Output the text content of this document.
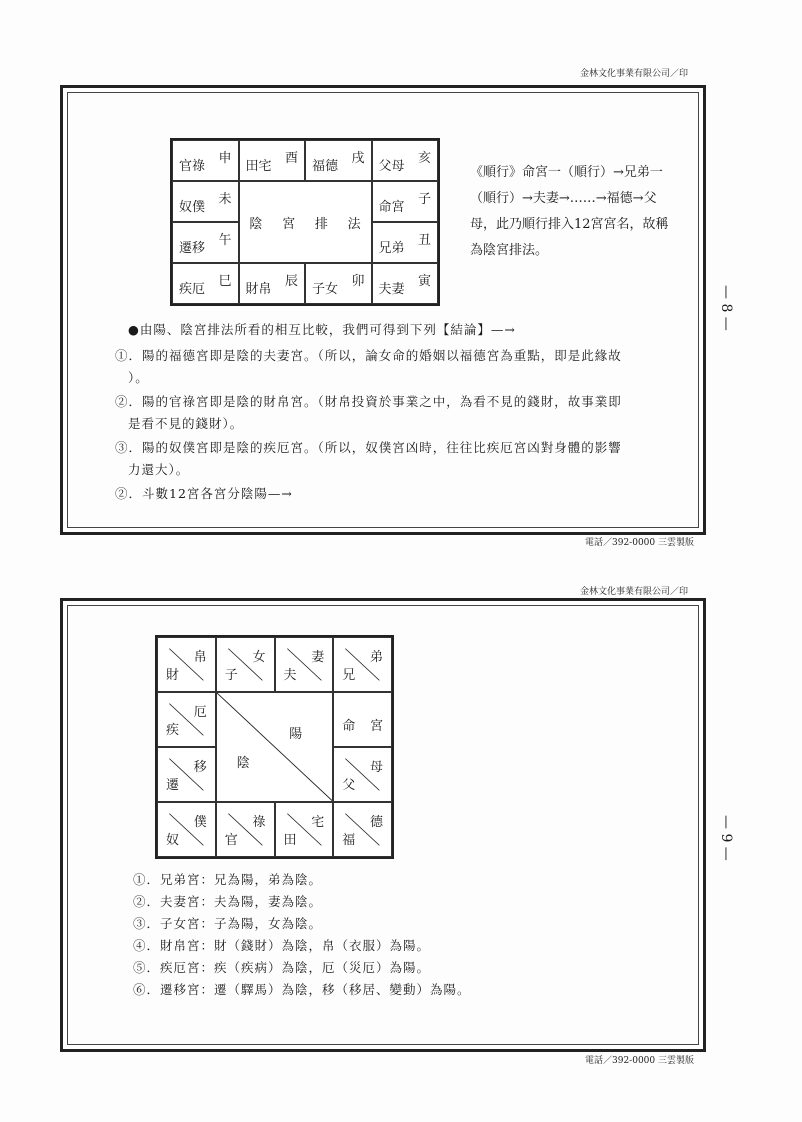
金林文化事業有限公司／印
電話／392-0000 三雲製版
— 8 —
官祿
申
田宅
酉
福德
戌
父母
亥
奴僕
未
命宮
子
遷移
午
兄弟
丑
疾厄
巳
財帛
辰
子女
卯
夫妻
寅
陰 宮 排 法
《順行》命宮一（順行）→兄弟一（順行）→夫妻→……→福德→父母，此乃順行排入12宮宮名，故稱為陰宮排法。
●由陽、陰宮排法所看的相互比較，我們可得到下列【結論】—→
①．陽的福德宮即是陰的夫妻宮。（所以，論女命的婚姻以福德宮為重點，即是此緣故
）。
②．陽的官祿宮即是陰的財帛宮。（財帛投資於事業之中，為看不見的錢財，故事業即
是看不見的錢財）。
③．陽的奴僕宮即是陰的疾厄宮。（所以，奴僕宮凶時，往往比疾厄宮凶對身體的影響
力還大）。
②．斗數12宮各宮分陰陽—→
金林文化事業有限公司／印
電話／392-0000 三雲製版
— 9 —
財
帛
子
女
夫
妻
兄
弟
疾
厄
命 宮
遷
移
父
母
奴
僕
官
祿
田
宅
福
德
陽
陰
①．兄弟宮：兄為陽，弟為陰。
②．夫妻宮：夫為陽，妻為陰。
③．子女宮：子為陽，女為陰。
④．財帛宮：財（錢財）為陰，帛（衣服）為陽。
⑤．疾厄宮：疾（疾病）為陰，厄（災厄）為陽。
⑥．遷移宮：遷（驛馬）為陰，移（移居、變動）為陽。
